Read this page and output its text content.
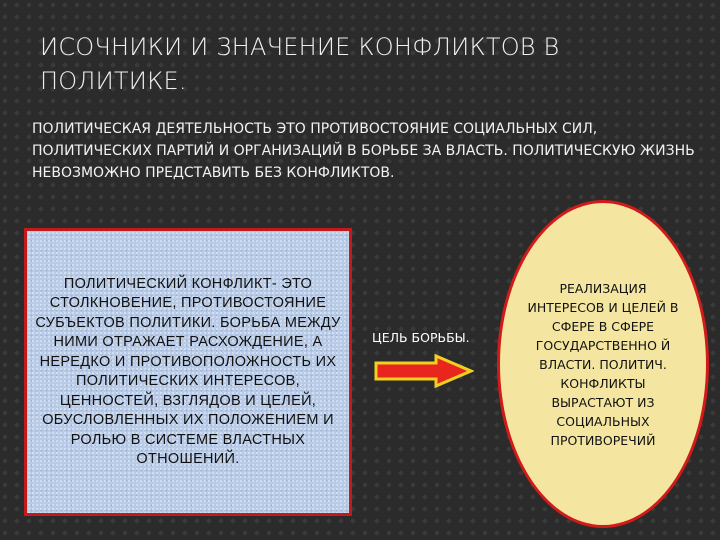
ИСОЧНИКИ И ЗНАЧЕНИЕ КОНФЛИКТОВ В ПОЛИТИКЕ.
ПОЛИТИЧЕСКАЯ ДЕЯТЕЛЬНОСТЬ ЭТО ПРОТИВОСТОЯНИЕ СОЦИАЛЬНЫХ СИЛ, ПОЛИТИЧЕСКИХ ПАРТИЙ И ОРГАНИЗАЦИЙ В БОРЬБЕ ЗА ВЛАСТЬ. ПОЛИТИЧЕСКУЮ ЖИЗНЬ НЕВОЗМОЖНО ПРЕДСТАВИТЬ БЕЗ КОНФЛИКТОВ.
ПОЛИТИЧЕСКИЙ КОНФЛИКТ- ЭТО СТОЛКНОВЕНИЕ, ПРОТИВОСТОЯНИЕ СУБЪЕКТОВ ПОЛИТИКИ. БОРЬБА МЕЖДУ НИМИ ОТРАЖАЕТ РАСХОЖДЕНИЕ, А НЕРЕДКО И ПРОТИВОПОЛОЖНОСТЬ ИХ ПОЛИТИЧЕСКИХ ИНТЕРЕСОВ, ЦЕННОСТЕЙ, ВЗГЛЯДОВ И ЦЕЛЕЙ, ОБУСЛОВЛЕННЫХ ИХ ПОЛОЖЕНИЕМ И РОЛЬЮ В СИСТЕМЕ ВЛАСТНЫХ ОТНОШЕНИЙ.
ЦЕЛЬ БОРЬБЫ.
РЕАЛИЗАЦИЯ ИНТЕРЕСОВ И ЦЕЛЕЙ В СФЕРЕ В СФЕРЕ ГОСУДАРСТВЕННО Й ВЛАСТИ. ПОЛИТИЧ. КОНФЛИКТЫ ВЫРАСТАЮТ ИЗ СОЦИАЛЬНЫХ ПРОТИВОРЕЧИЙ
